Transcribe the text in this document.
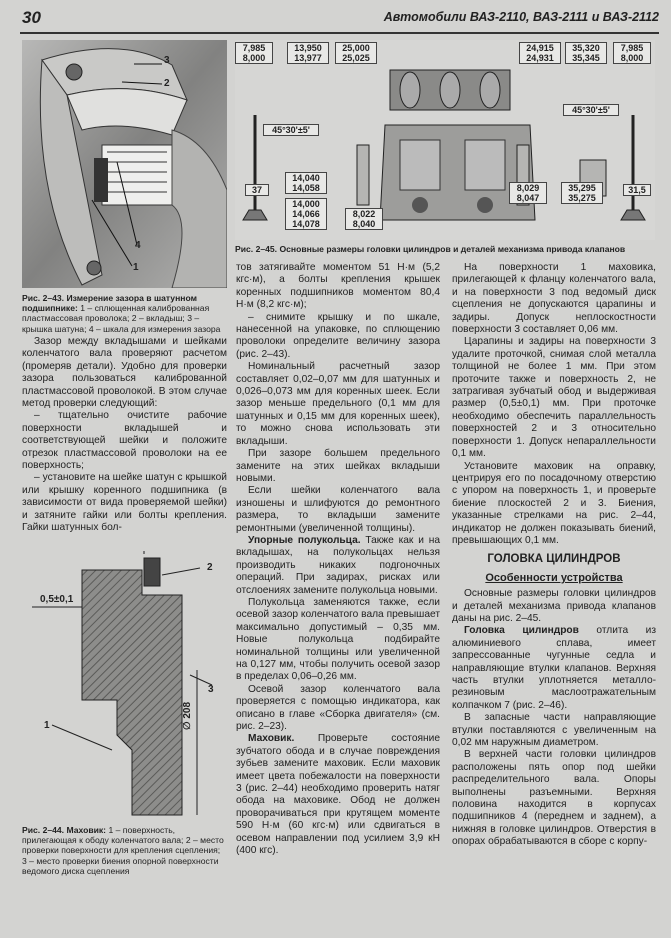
30	Автомобили ВАЗ-2110, ВАЗ-2111 и ВАЗ-2112
3
2
4
1
Рис. 2–43. Измерение зазора в шатунном подшипнике: 1 – сплющенная калиброванная пластмассовая проволока; 2 – вкладыш; 3 – крышка шатуна; 4 – шкала для измерения зазора
7,985
8,000
13,950
13,977
25,000
25,025
24,915
24,931
35,320
35,345
7,985
8,000
45°30'±5'
45°30'±5'
37	31,5
14,040
14,058
14,000
14,066
14,078
8,022
8,040
8,029
8,047
35,295
35,275
Рис. 2–45. Основные размеры головки цилиндров и деталей механизма привода клапанов

Зазор между вкладышами и шейками коленчатого вала проверяют расчетом (промеряв детали). Удобно для проверки зазора пользоваться калиброванной пластмассовой проволокой. В этом случае метод проверки следующий:

– тщательно очистите рабочие поверхности вкладышей и соответствующей шейки и положите отрезок пластмассовой проволоки на ее поверхность;

– установите на шейке шатун с крышкой или крышку коренного подшипника (в зависимости от вида проверяемой шейки) и затяните гайки или болты крепления. Гайки шатунных бол-

0,5±0,1
2
3
1	∅ 208
Рис. 2–44. Маховик: 1 – поверхность, прилегающая к ободу коленчатого вала; 2 – место проверки поверхности для крепления сцепления; 3 – место проверки биения опорной поверхности ведомого диска сцепления

тов затягивайте моментом 51 Н·м (5,2 кгс·м), а болты крепления крышек коренных подшипников моментом 80,4 Н·м (8,2 кгс·м);

– снимите крышку и по шкале, нанесенной на упаковке, по сплющению проволоки определите величину зазора (рис. 2–43).

Номинальный расчетный зазор составляет 0,02–0,07 мм для шатунных и 0,026–0,073 мм для коренных шеек. Если зазор меньше предельного (0,1 мм для шатунных и 0,15 мм для коренных шеек), то можно снова использовать эти вкладыши.

При зазоре большем предельного замените на этих шейках вкладыши новыми.

Если шейки коленчатого вала изношены и шлифуются до ремонтного размера, то вкладыши замените ремонтными (увеличенной толщины).

Упорные полукольца. Также как и на вкладышах, на полукольцах нельзя производить никаких подгоночных операций. При задирах, рисках или отслоениях замените полукольца новыми.

Полукольца заменяются также, если осевой зазор коленчатого вала превышает максимально допустимый – 0,35 мм. Новые полукольца подбирайте номинальной толщины или увеличенной на 0,127 мм, чтобы получить осевой зазор в пределах 0,06–0,26 мм.

Осевой зазор коленчатого вала проверяется с помощью индикатора, как описано в главе «Сборка двигателя» (см. рис. 2–23).

Маховик. Проверьте состояние зубчатого обода и в случае повреждения зубьев замените маховик. Если маховик имеет цвета побежалости на поверхности 3 (рис. 2–44) необходимо проверить натяг обода на маховике. Обод не должен проворачиваться при крутящем моменте 590 Н·м (60 кгс·м) или сдвигаться в осевом направлении под усилием 3,9 кН (400 кгс).

На поверхности 1 маховика, прилегающей к фланцу коленчатого вала, и на поверхности 3 под ведомый диск сцепления не допускаются царапины и задиры. Допуск неплоскостности поверхности 3 составляет 0,06 мм.

Царапины и задиры на поверхности 3 удалите проточкой, снимая слой металла толщиной не более 1 мм. При этом проточите также и поверхность 2, не затрагивая зубчатый обод и выдерживая размер (0,5±0,1) мм. При проточке необходимо обеспечить параллельность поверхностей 2 и 3 относительно поверхности 1. Допуск непараллельности 0,1 мм.

Установите маховик на оправку, центрируя его по посадочному отверстию с упором на поверхность 1, и проверьте биение плоскостей 2 и 3. Биения, указанные стрелками на рис. 2–44, индикатор не должен показывать биений, превышающих 0,1 мм.

ГОЛОВКА ЦИЛИНДРОВ

Особенности устройства

Основные размеры головки цилиндров и деталей механизма привода клапанов даны на рис. 2–45.

Головка цилиндров отлита из алюминиевого сплава, имеет запрессованные чугунные седла и направляющие втулки клапанов. Верхняя часть втулки уплотняется металло-резиновым маслоотражательным колпачком 7 (рис. 2–46).

В запасные части направляющие втулки поставляются с увеличенным на 0,02 мм наружным диаметром.

В верхней части головки цилиндров расположены пять опор под шейки распределительного вала. Опоры выполнены разъемными. Верхняя половина находится в корпусах подшипников 4 (переднем и заднем), а нижняя в головке цилиндров. Отверстия в опорах обрабатываются в сборе с корпу-
